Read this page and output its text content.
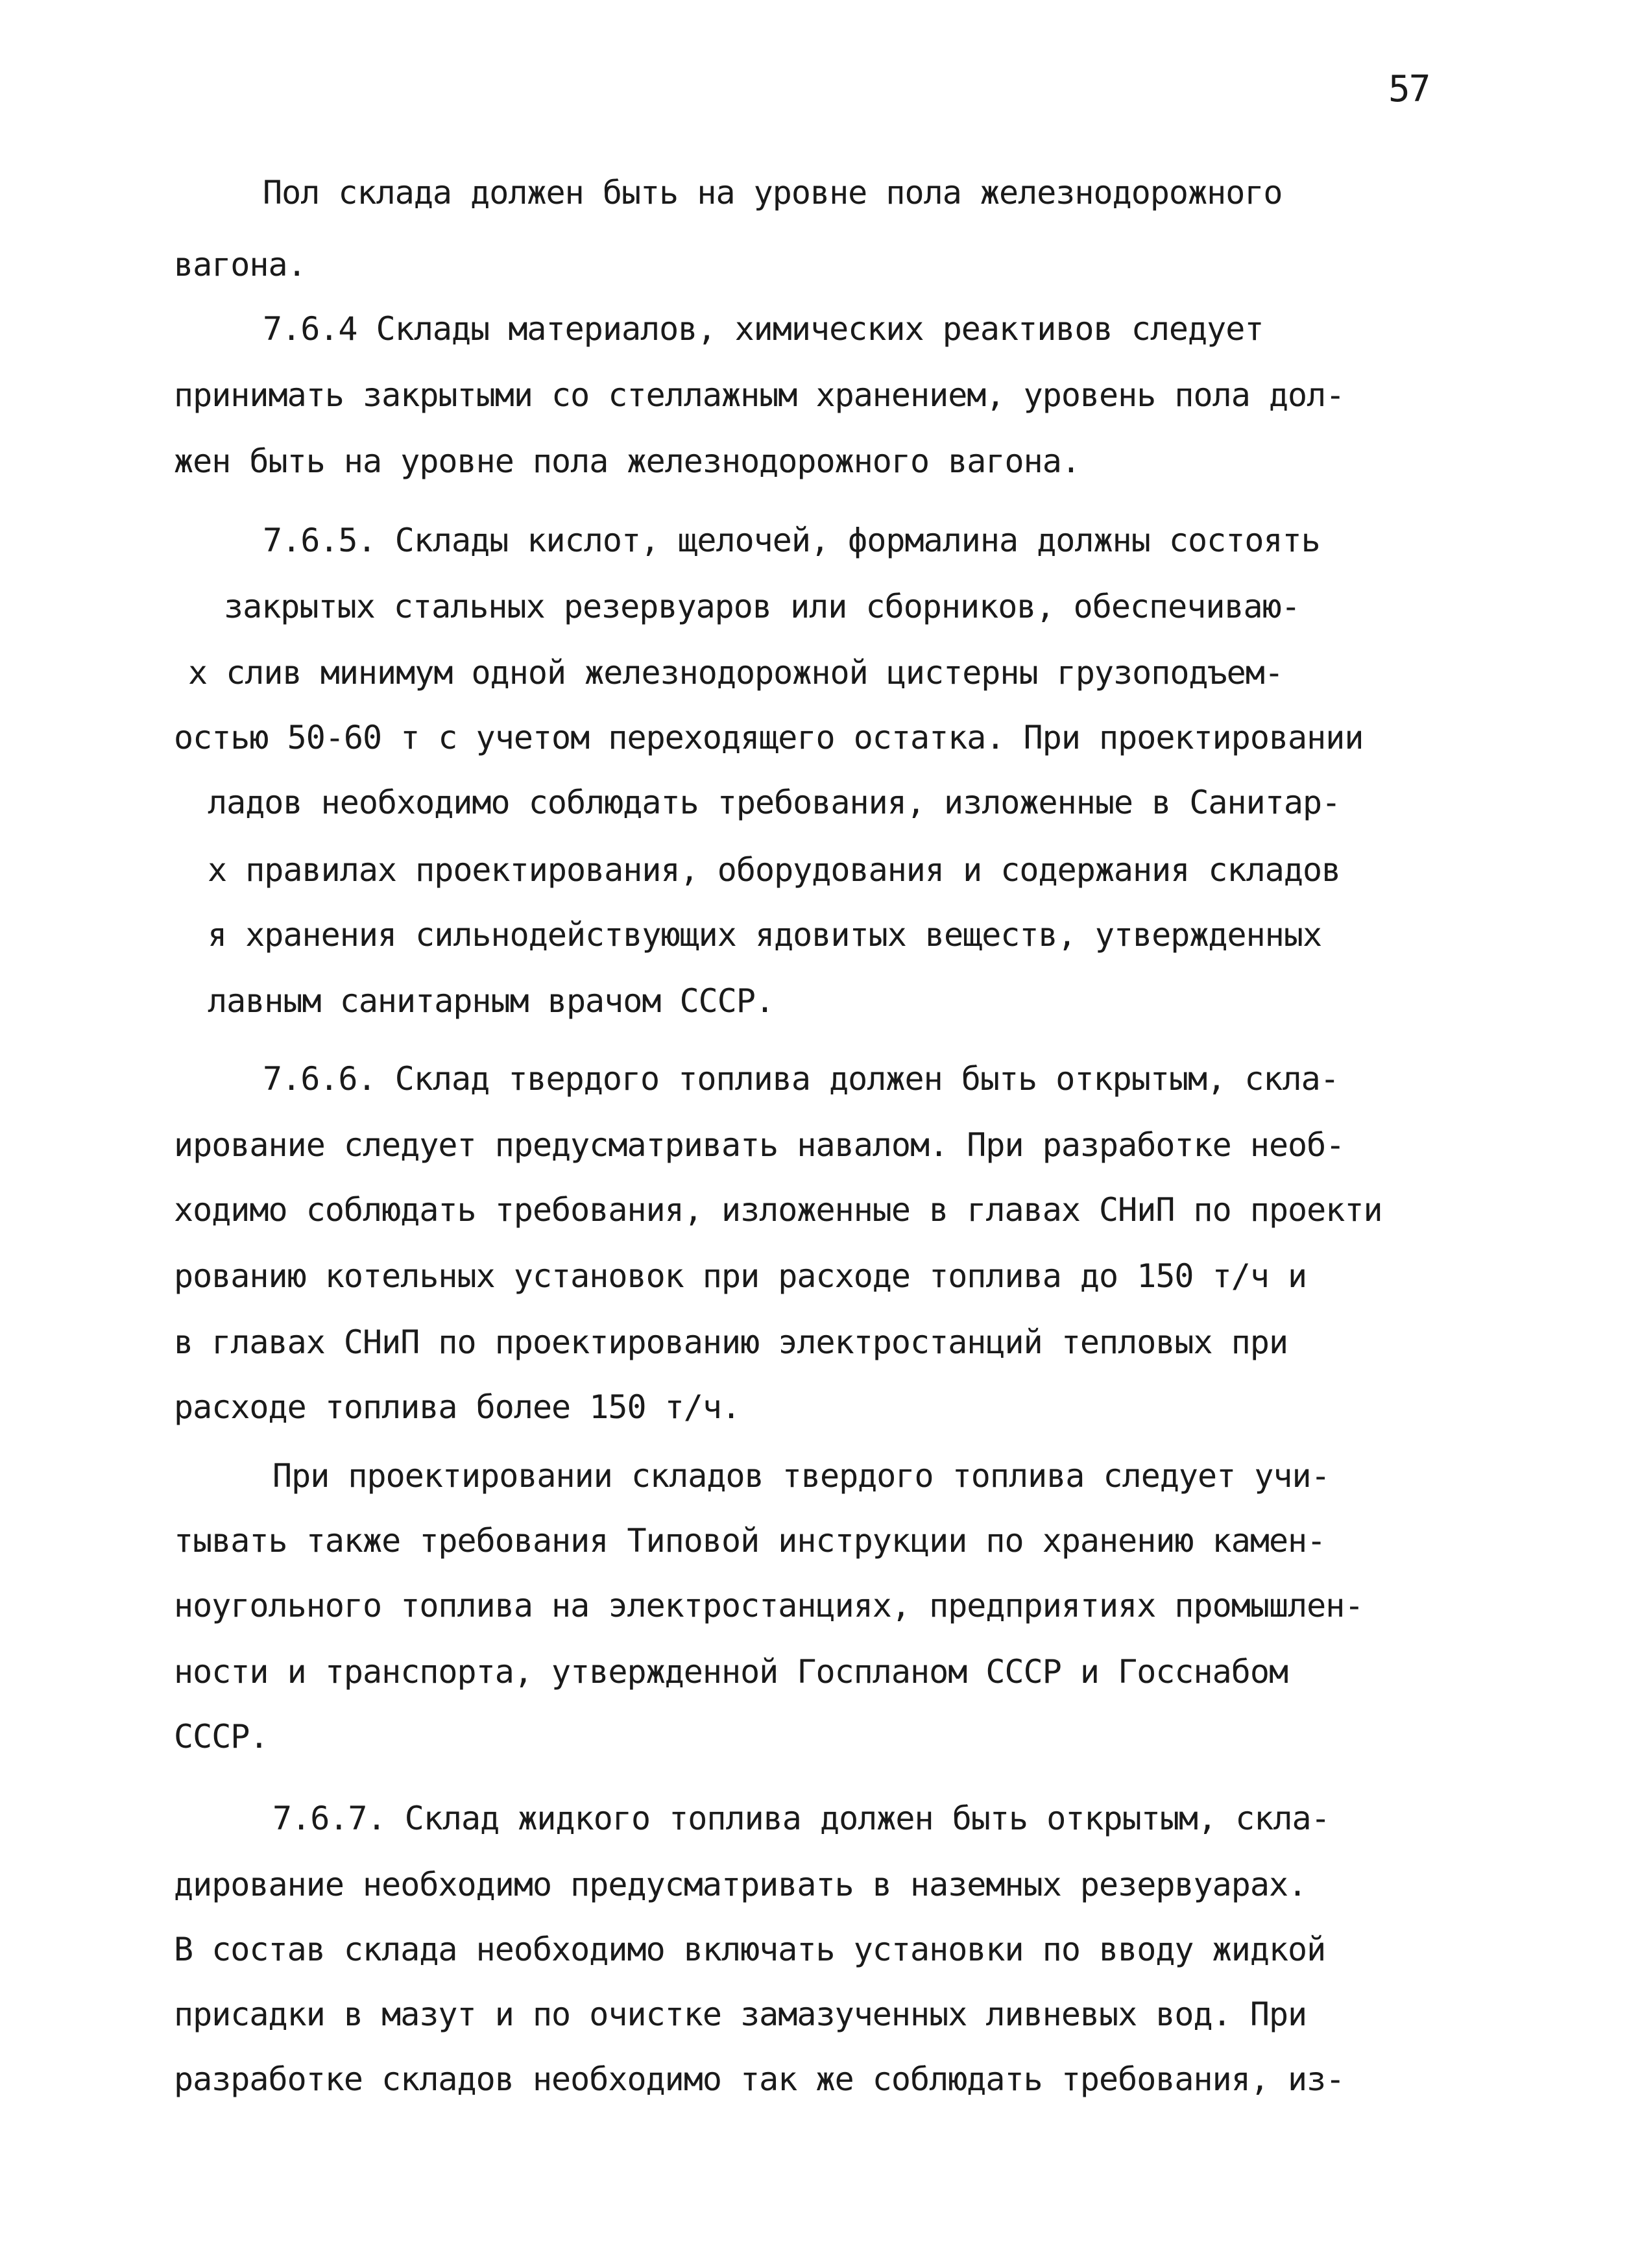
57
Пол склада должен быть на уровне пола железнодорожного
вагона.
7.6.4 Склады материалов, химических реактивов следует
принимать закрытыми со стеллажным хранением, уровень пола дол-
жен быть на уровне пола железнодорожного вагона.
7.6.5. Склады кислот, щелочей, формалина должны состоять
закрытых стальных резервуаров или сборников, обеспечиваю-
х слив минимум одной железнодорожной цистерны грузоподъем-
остью 50-60 т с учетом переходящего остатка. При проектировании
ладов необходимо соблюдать требования, изложенные в Санитар-
х правилах проектирования, оборудования и содержания складов
я хранения сильнодействующих ядовитых веществ, утвержденных
лавным санитарным врачом СССР.
7.6.6. Склад твердого топлива должен быть открытым, скла-
ирование следует предусматривать навалом. При разработке необ-
ходимо соблюдать требования, изложенные в главах СНиП по проекти
рованию котельных установок при расходе топлива до 150 т/ч и
в главах СНиП по проектированию электростанций тепловых при
расходе топлива более 150 т/ч.
При проектировании складов твердого топлива следует учи-
тывать также требования Типовой инструкции по хранению камен-
ноугольного топлива на электростанциях, предприятиях промышлен-
ности и транспорта, утвержденной Госпланом СССР и Госснабом
СССР.
7.6.7. Склад жидкого топлива должен быть открытым, скла-
дирование необходимо предусматривать в наземных резервуарах.
В состав склада необходимо включать установки по вводу жидкой
присадки в мазут и по очистке замазученных ливневых вод. При
разработке складов необходимо так же соблюдать требования, из-
